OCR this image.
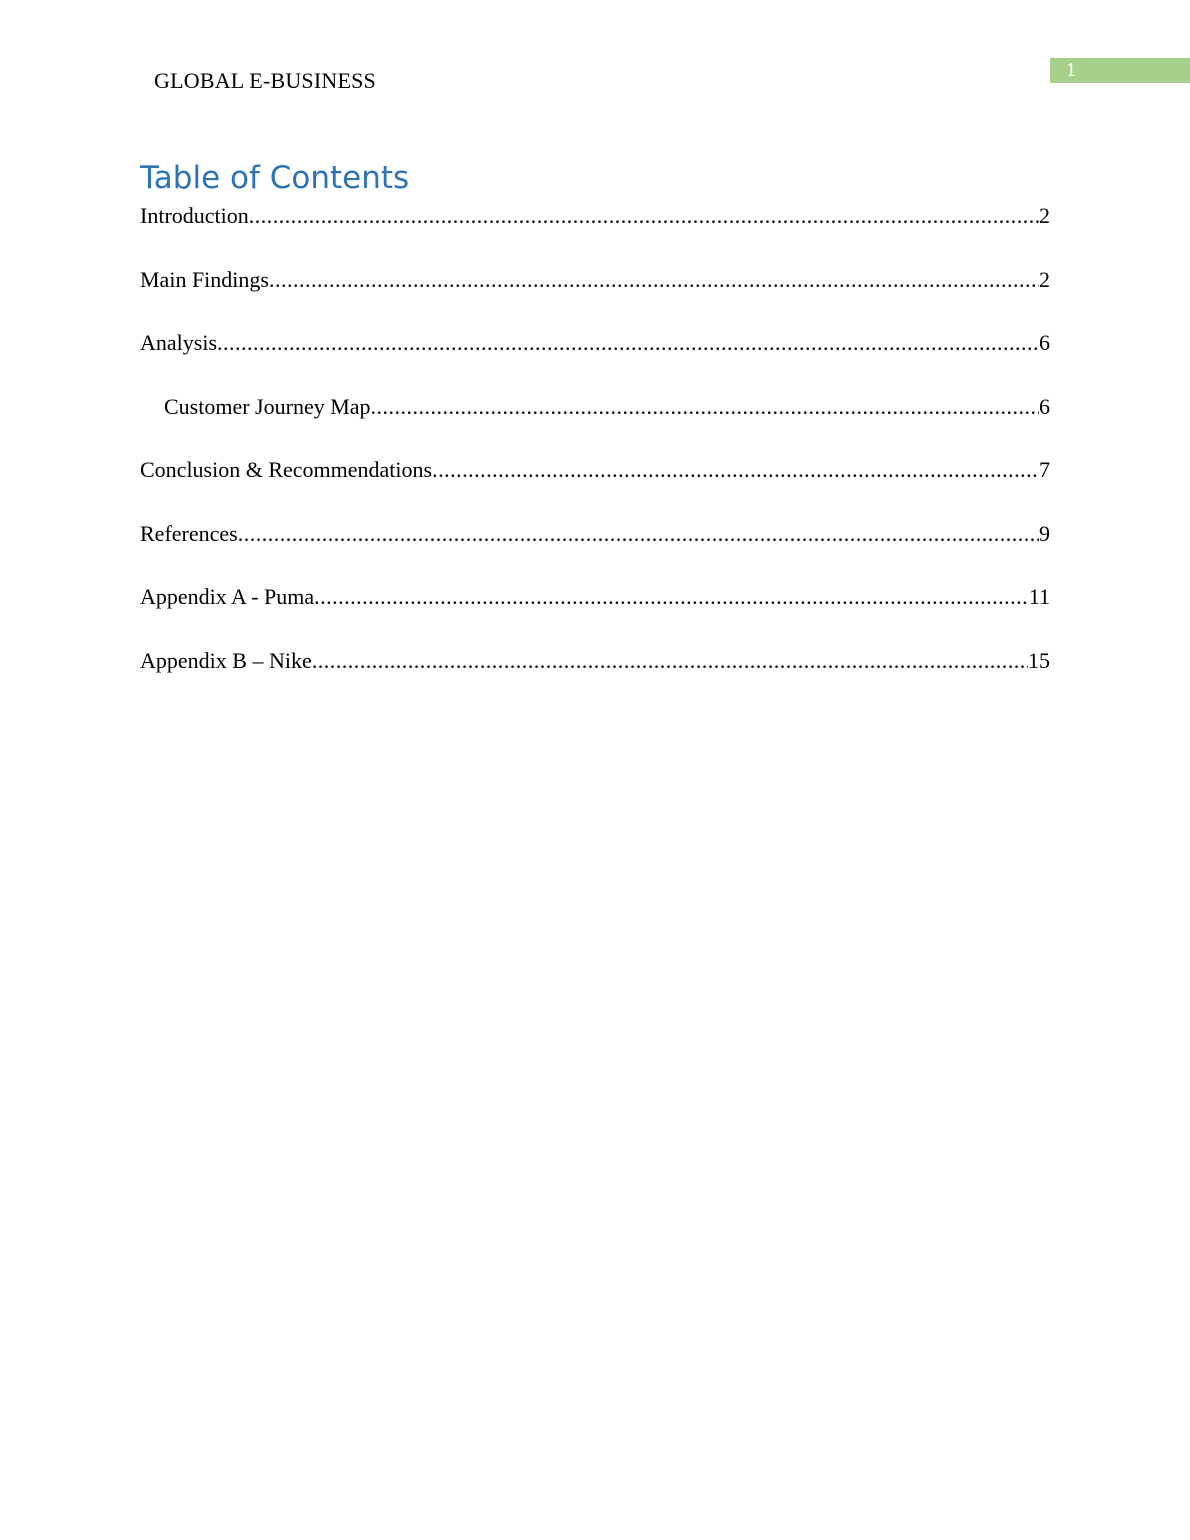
GLOBAL E-BUSINESS	1
Table of Contents
Introduction .....	2
Main Findings .....	2
Analysis .....	6
Customer Journey Map .....	6
Conclusion & Recommendations .....	7
References .....	9
Appendix A - Puma .....	11
Appendix B – Nike .....	15
